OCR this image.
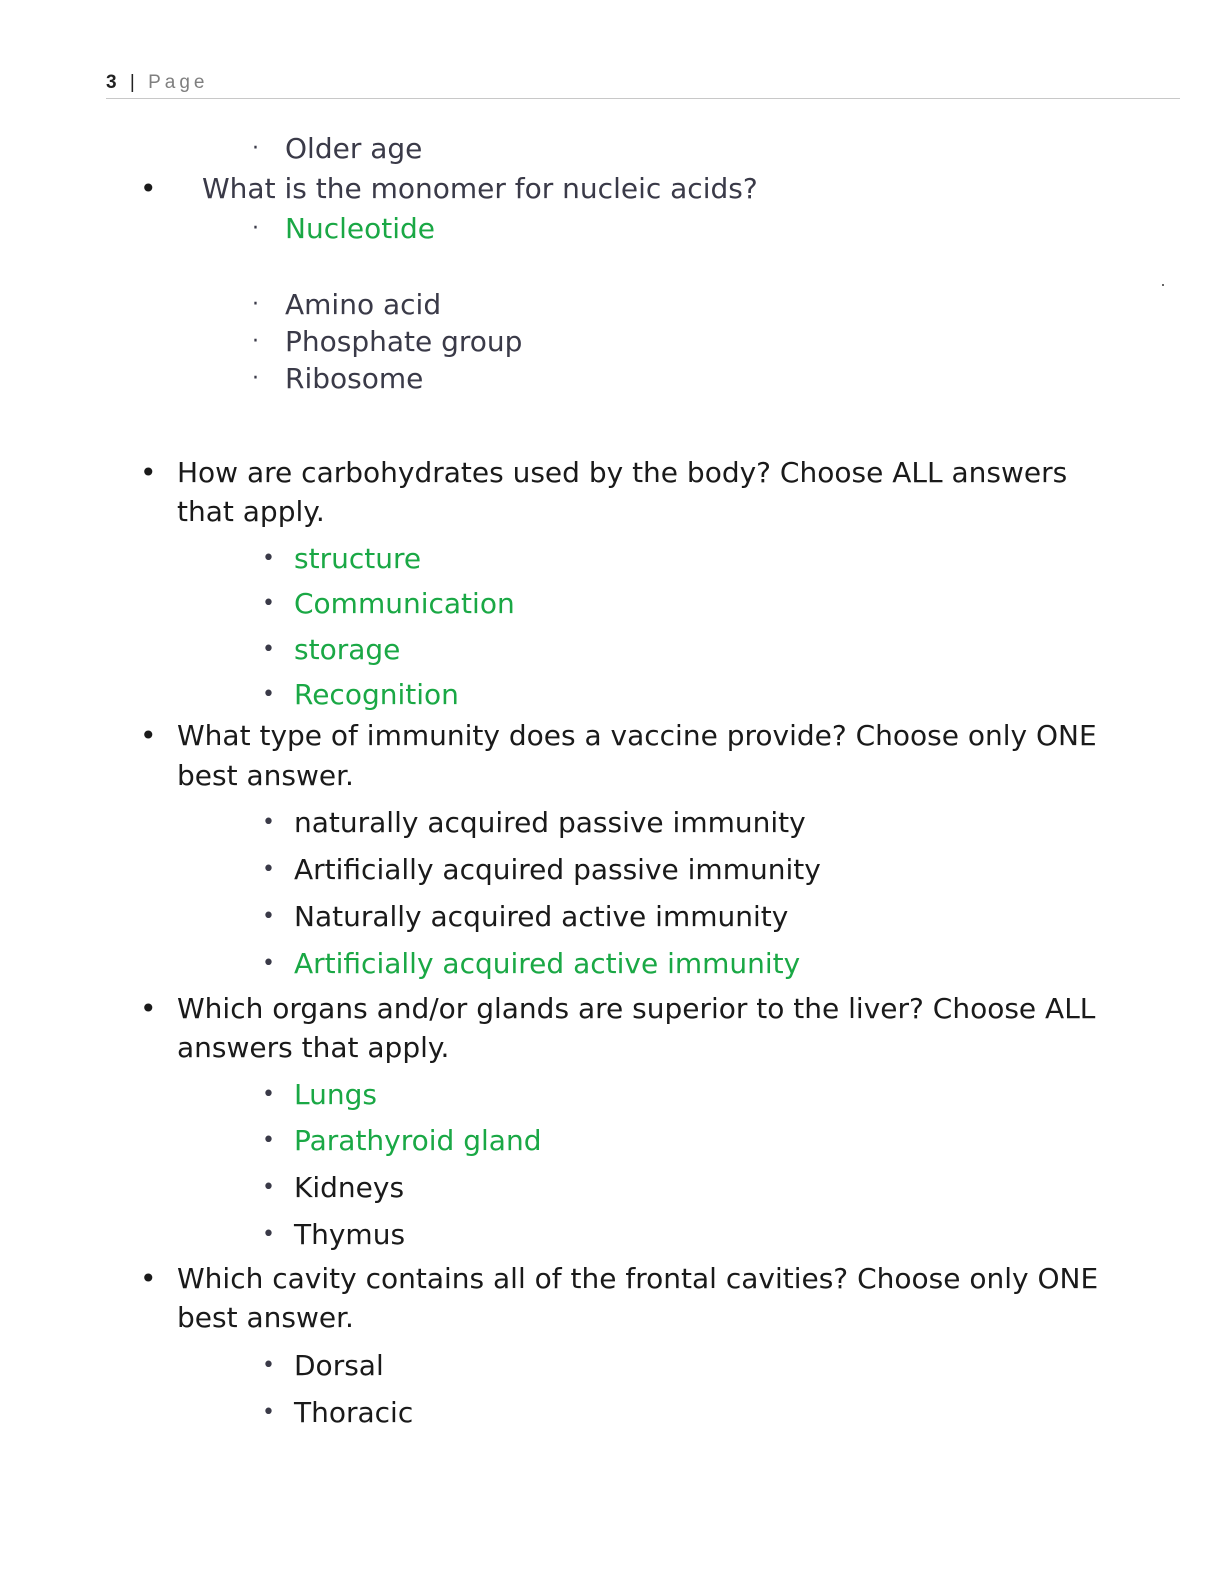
3 | Page
· Older age
• What is the monomer for nucleic acids?
· Nucleotide
· Amino acid
· Phosphate group
· Ribosome
• How are carbohydrates used by the body? Choose ALL answers
that apply.
• structure
• Communication
• storage
• Recognition
• What type of immunity does a vaccine provide? Choose only ONE
best answer.
• naturally acquired passive immunity
• Artificially acquired passive immunity
• Naturally acquired active immunity
• Artificially acquired active immunity
• Which organs and/or glands are superior to the liver? Choose ALL
answers that apply.
• Lungs
• Parathyroid gland
• Kidneys
• Thymus
• Which cavity contains all of the frontal cavities? Choose only ONE
best answer.
• Dorsal
• Thoracic
